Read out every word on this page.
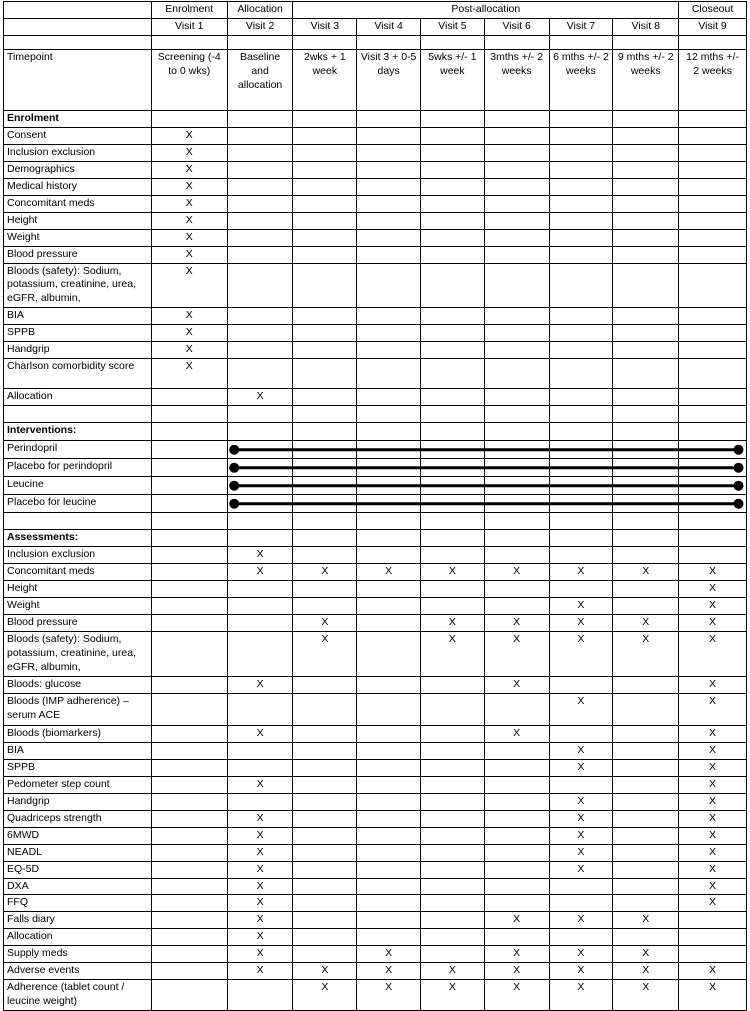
	Enrolment	Allocation	Post-allocation						Closeout
	Visit 1	Visit 2	Visit 3	Visit 4	Visit 5	Visit 6	Visit 7	Visit 8	Visit 9

Timepoint	Screening (-4 to 0 wks)	Baseline and allocation	2wks + 1 week	Visit 3 + 0-5 days	5wks +/- 1 week	3mths +/- 2 weeks	6 mths +/- 2 weeks	9 mths +/- 2 weeks	12 mths +/- 2 weeks
Enrolment									
Consent	X								
Inclusion exclusion	X								
Demographics	X								
Medical history	X								
Concomitant meds	X								
Height	X								
Weight	X								
Blood pressure	X								
Bloods (safety): Sodium, potassium, creatinine, urea, eGFR, albumin,	X								
BIA	X								
SPPB	X								
Handgrip	X								
Charlson comorbidity score	X								
Allocation		X							

Interventions:									
Perindopril									
Placebo for perindopril									
Leucine									
Placebo for leucine									

Assessments:									
Inclusion exclusion		X							
Concomitant meds		X	X	X	X	X	X	X	X
Height									X
Weight							X		X
Blood pressure			X		X	X	X	X	X
Bloods (safety): Sodium, potassium, creatinine, urea, eGFR, albumin,			X		X	X	X	X	X
Bloods: glucose		X				X			X
Bloods (IMP adherence) – serum ACE							X		X
Bloods (biomarkers)		X				X			X
BIA							X		X
SPPB							X		X
Pedometer step count		X							X
Handgrip							X		X
Quadriceps strength		X					X		X
6MWD		X					X		X
NEADL		X					X		X
EQ-5D		X					X		X
DXA		X							X
FFQ		X							X
Falls diary		X				X	X	X	
Allocation		X							
Supply meds		X		X		X	X	X	
Adverse events		X	X	X	X	X	X	X	X
Adherence (tablet count / leucine weight)			X	X	X	X	X	X	X
